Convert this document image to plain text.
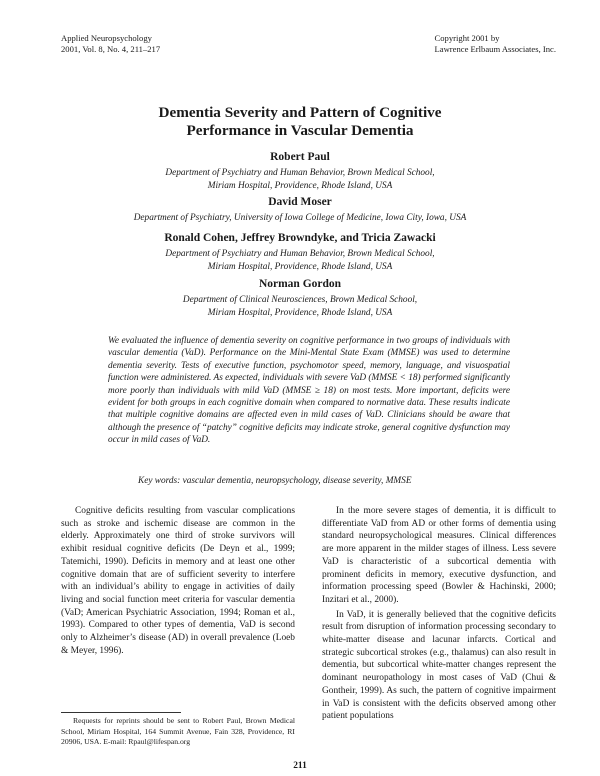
Applied Neuropsychology
2001, Vol. 8, No. 4, 211–217
Copyright 2001 by
Lawrence Erlbaum Associates, Inc.
Dementia Severity and Pattern of Cognitive
Performance in Vascular Dementia
Robert Paul
Department of Psychiatry and Human Behavior, Brown Medical School,
Miriam Hospital, Providence, Rhode Island, USA
David Moser
Department of Psychiatry, University of Iowa College of Medicine, Iowa City, Iowa, USA
Ronald Cohen, Jeffrey Browndyke, and Tricia Zawacki
Department of Psychiatry and Human Behavior, Brown Medical School,
Miriam Hospital, Providence, Rhode Island, USA
Norman Gordon
Department of Clinical Neurosciences, Brown Medical School,
Miriam Hospital, Providence, Rhode Island, USA
We evaluated the influence of dementia severity on cognitive performance in two groups of individuals with vascular dementia (VaD). Performance on the Mini-Mental State Exam (MMSE) was used to determine dementia severity. Tests of executive function, psychomotor speed, memory, language, and visuospatial function were administered. As expected, individuals with severe VaD (MMSE < 18) performed significantly more poorly than individuals with mild VaD (MMSE ≥ 18) on most tests. More important, deficits were evident for both groups in each cognitive domain when compared to normative data. These results indicate that multiple cognitive domains are affected even in mild cases of VaD. Clinicians should be aware that although the presence of “patchy” cognitive deficits may indicate stroke, general cognitive dysfunction may occur in mild cases of VaD.
Key words: vascular dementia, neuropsychology, disease severity, MMSE

Cognitive deficits resulting from vascular complications such as stroke and ischemic disease are common in the elderly. Approximately one third of stroke survivors will exhibit residual cognitive deficits (De Deyn et al., 1999; Tatemichi, 1990). Deficits in memory and at least one other cognitive domain that are of sufficient severity to interfere with an individual’s ability to engage in activities of daily living and social function meet criteria for vascular dementia (VaD; American Psychiatric Association, 1994; Roman et al., 1993). Compared to other types of dementia, VaD is second only to Alzheimer’s disease (AD) in overall prevalence (Loeb & Meyer, 1996).

In the more severe stages of dementia, it is difficult to differentiate VaD from AD or other forms of dementia using standard neuropsychological measures. Clinical differences are more apparent in the milder stages of illness. Less severe VaD is characteristic of a subcortical dementia with prominent deficits in memory, executive dysfunction, and information processing speed (Bowler & Hachinski, 2000; Inzitari et al., 2000).

In VaD, it is generally believed that the cognitive deficits result from disruption of information processing secondary to white-matter disease and lacunar infarcts. Cortical and strategic subcortical strokes (e.g., thalamus) can also result in dementia, but subcortical white-matter changes represent the dominant neuropathology in most cases of VaD (Chui & Gontheir, 1999). As such, the pattern of cognitive impairment in VaD is consistent with the deficits observed among other patient populations

Requests for reprints should be sent to Robert Paul, Brown Medical School, Miriam Hospital, 164 Summit Avenue, Fain 328, Providence, RI 20906, USA. E-mail: Rpaul@lifespan.org
211
